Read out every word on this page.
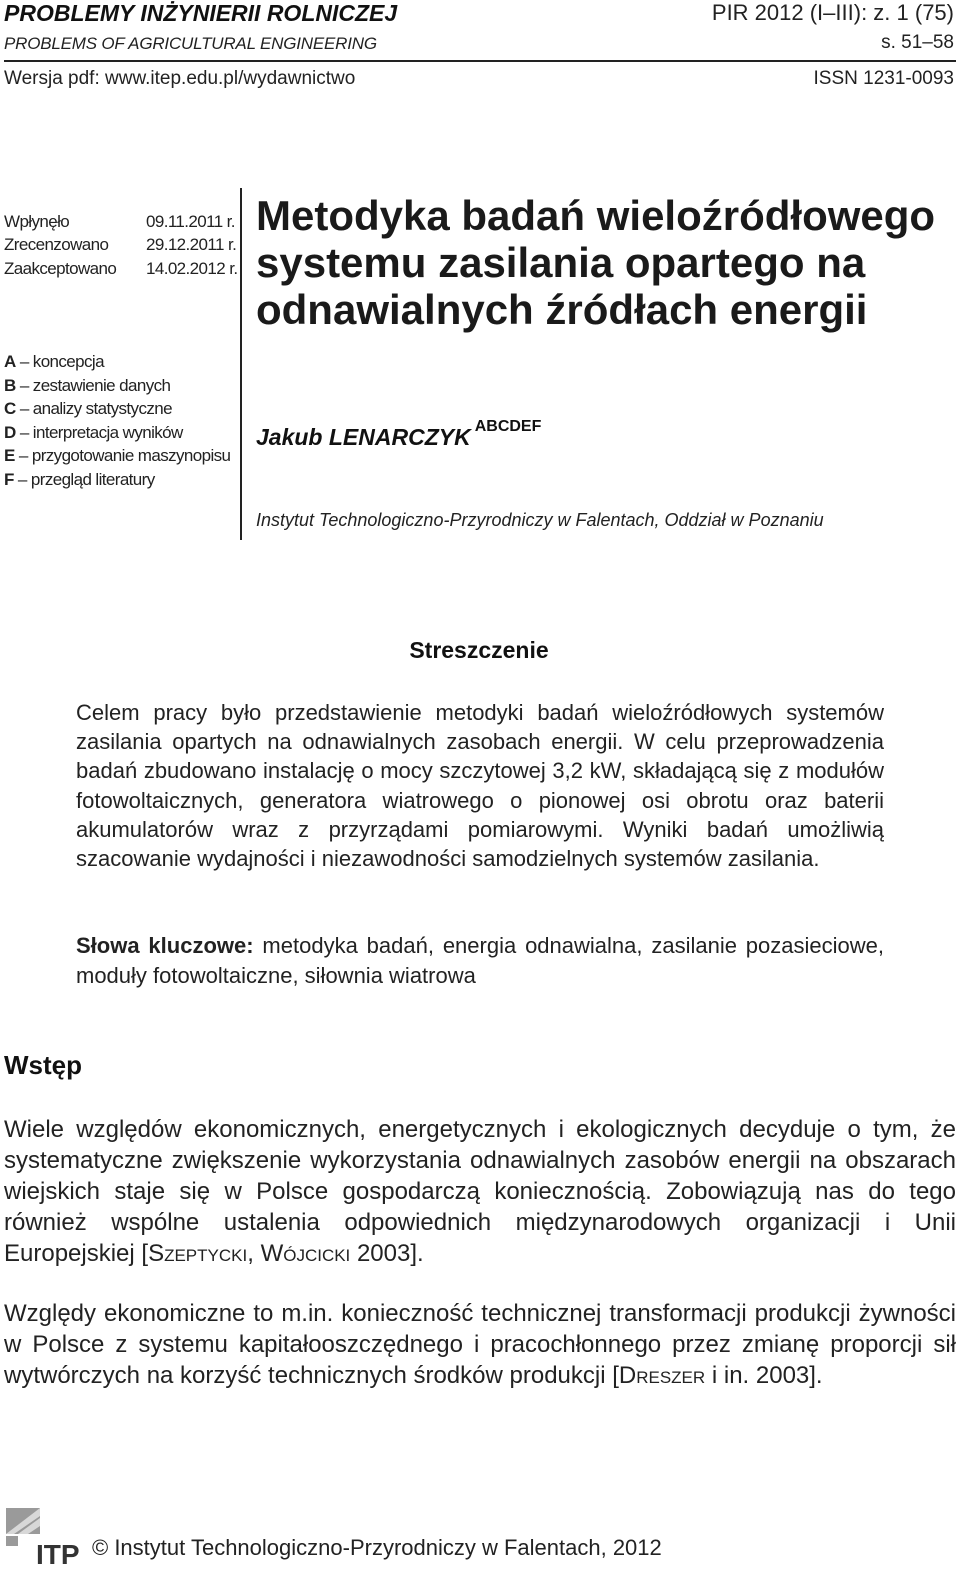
PROBLEMY INŻYNIERII ROLNICZEJ
PROBLEMS OF AGRICULTURAL ENGINEERING
PIR 2012 (I–III): z. 1 (75)
s. 51–58
Wersja pdf: www.itep.edu.pl/wydawnictwo	ISSN 1231-0093
Wpłynęło	09.11.2011 r.
Zrecenzowano 29.12.2011 r.
Zaakceptowano 14.02.2012 r.
A – koncepcja
B – zestawienie danych
C – analizy statystyczne
D – interpretacja wyników
E – przygotowanie maszynopisu
F – przegląd literatury
Metodyka badań wieloźródłowego systemu zasilania opartego na odnawialnych źródłach energii
Jakub LENARCZYK $^{ABCDEF}$
Instytut Technologiczno-Przyrodniczy w Falentach, Oddział w Poznaniu
Streszczenie
Celem pracy było przedstawienie metodyki badań wieloźródłowych systemów zasilania opartych na odnawialnych zasobach energii. W celu przeprowadzenia badań zbudowano instalację o mocy szczytowej 3,2 kW, składającą się z modułów fotowoltaicznych, generatora wiatrowego o pionowej osi obrotu oraz baterii akumulatorów wraz z przyrządami pomiarowymi. Wyniki badań umożliwią szacowanie wydajności i niezawodności samodzielnych systemów zasilania.
Słowa kluczowe: metodyka badań, energia odnawialna, zasilanie pozasieciowe, moduły fotowoltaiczne, siłownia wiatrowa
Wstęp
Wiele względów ekonomicznych, energetycznych i ekologicznych decyduje o tym, że systematyczne zwiększenie wykorzystania odnawialnych zasobów energii na obszarach wiejskich staje się w Polsce gospodarczą koniecznością. Zobowiązują nas do tego również wspólne ustalenia odpowiednich międzynarodowych organizacji i Unii Europejskiej [Szeptycki, Wójcicki 2003].
Względy ekonomiczne to m.in. konieczność technicznej transformacji produkcji żywności w Polsce z systemu kapitałooszczędnego i pracochłonnego przez zmianę proporcji sił wytwórczych na korzyść technicznych środków produkcji [Dreszer i in. 2003].
ITP © Instytut Technologiczno-Przyrodniczy w Falentach, 2012
